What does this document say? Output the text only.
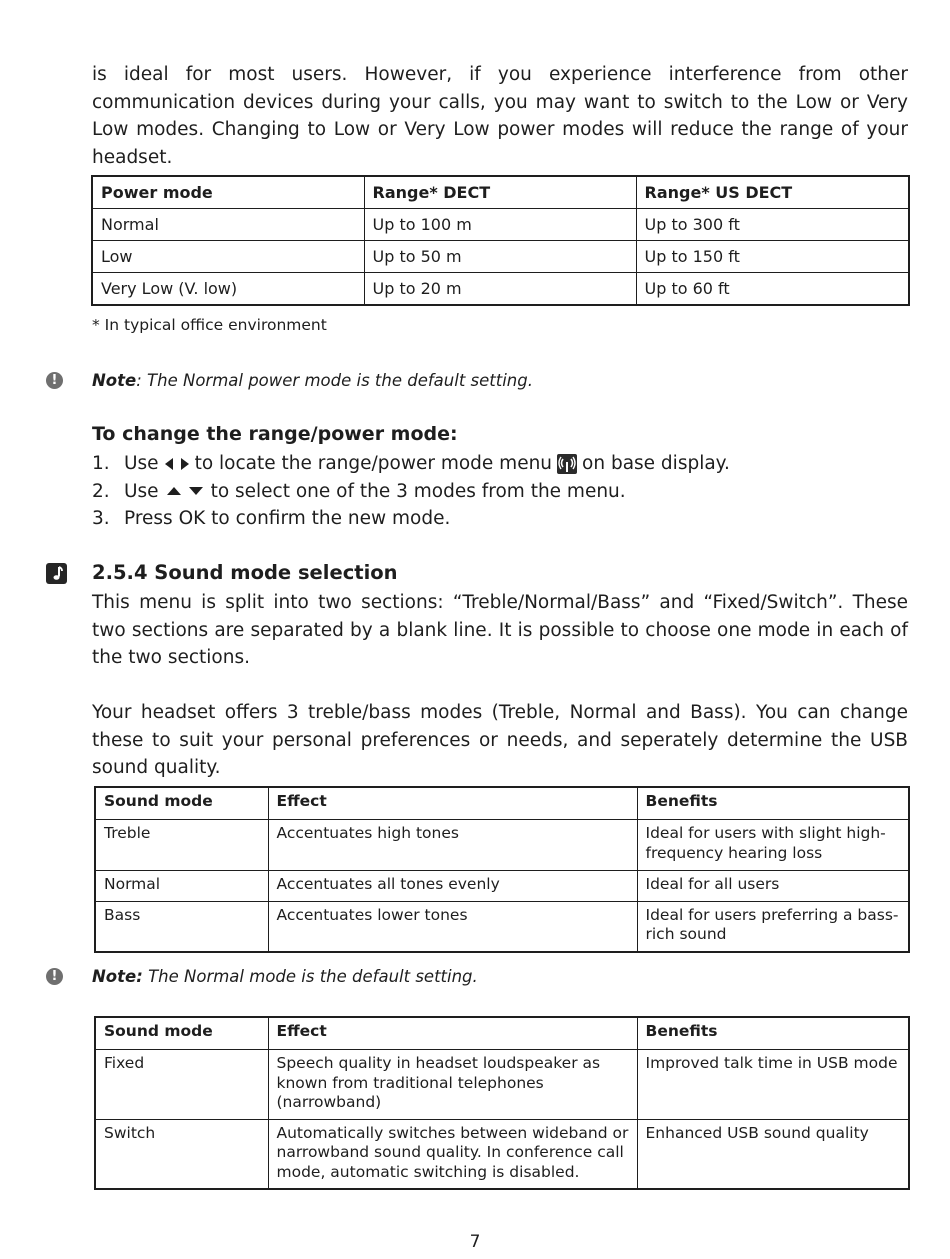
is ideal for most users. However, if you experience interference from other communication devices during your calls, you may want to switch to the Low or Very Low modes. Changing to Low or Very Low power modes will reduce the range of your headset.

Power mode	Range* DECT	Range* US DECT
Normal	Up to 100 m	Up to 300 ft
Low	Up to 50 m	Up to 150 ft
Very Low (V. low)	Up to 20 m	Up to 60 ft
* In typical office environment
!	Note: The Normal power mode is the default setting.
To change the range/power mode:
1. Use to locate the range/power mode menu on base display.
2. Use	to select one of the 3 modes from the menu.
3. Press OK to confirm the new mode.
2.5.4 Sound mode selection

This menu is split into two sections: “Treble/Normal/Bass” and “Fixed/Switch”. These two sections are separated by a blank line. It is possible to choose one mode in each of the two sections.

Your headset offers 3 treble/bass modes (Treble, Normal and Bass). You can change these to suit your personal preferences or needs, and seperately determine the USB sound quality.

Sound mode	Effect	Benefits
Treble	Accentuates high tones	Ideal for users with slight high-frequency hearing loss
Normal	Accentuates all tones evenly	Ideal for all users
Bass	Accentuates lower tones	Ideal for users preferring a bass-rich sound
!	Note: The Normal mode is the default setting.
Sound mode	Effect	Benefits
Fixed	Speech quality in headset loudspeaker as known from traditional telephones (narrowband)	Improved talk time in USB mode
Switch	Automatically switches between wideband or narrowband sound quality. In conference call mode, automatic switching is disabled.	Enhanced USB sound quality
7
